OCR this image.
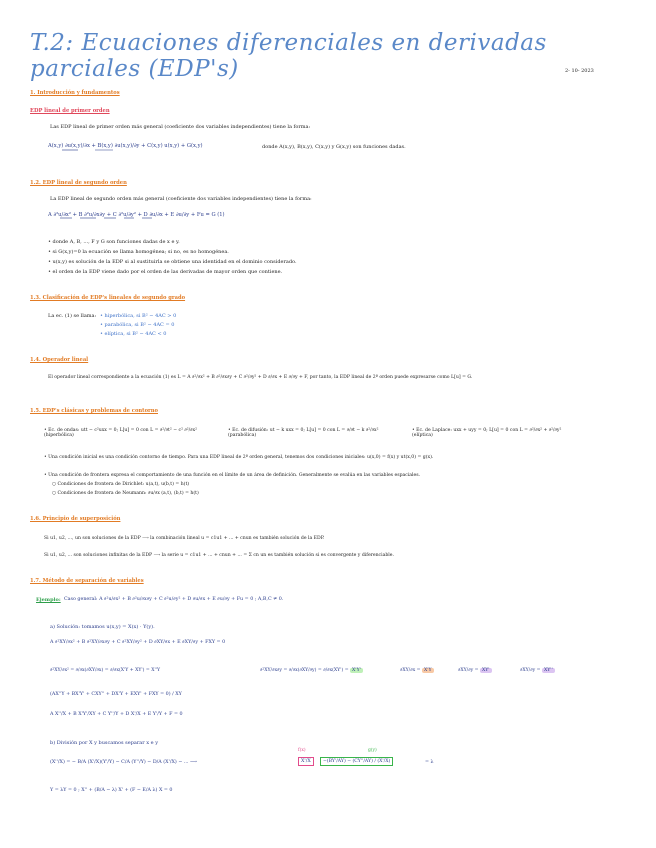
T.2: Ecuaciones diferenciales en derivadas parciales (EDP's)	2- 10- 2023
1. Introducción y fundamentos
EDP lineal de primer orden
Las EDP lineal de primer orden más general (coeficiente dos variables independientes) tiene la forma:
A(x,y) ∂u(x,y)/∂x + B(x,y) ∂u(x,y)/∂y + C(x,y) u(x,y) + G(x,y)	donde A(x,y), B(x,y), C(x,y) y G(x,y) son funciones dadas.
1.2. EDP lineal de segundo orden
La EDP lineal de segundo orden más general (coeficiente dos variables independientes) tiene la forma:
A ∂²u/∂x² + B ∂²u/∂x∂y + C ∂²u/∂y² + D ∂u/∂x + E ∂u/∂y + Fu = G (1)
• donde A, B, ..., F y G son funciones dadas de x e y.
• si G(x,y)=0 la ecuación se llama homogénea; si no, es no homogénea.
• u(x,y) es solución de la EDP si al sustituirla se obtiene una identidad en el dominio considerado.
• el orden de la EDP viene dado por el orden de las derivadas de mayor orden que contiene.
1.3. Clasificación de EDP's lineales de segundo grado
La ec. (1) se llama: • hiperbólica, si B² − 4AC > 0
• parabólica, si B² − 4AC = 0
• elíptica, si B² − 4AC < 0
1.4. Operador lineal
El operador lineal correspondiente a la ecuación (1) es L = A ∂²/∂x² + B ∂²/∂x∂y + C ∂²/∂y² + D ∂/∂x + E ∂/∂y + F, por tanto, la EDP lineal de 2º orden puede expresarse como L[u] = G.
1.5. EDP's clásicas y problemas de contorno
• Ec. de ondas: utt − c²uxx = 0; L[u] = 0 con L = ∂²/∂t² − c² ∂²/∂x² (hiperbólica)
• Ec. de difusión: ut − k uxx = 0; L[u] = 0 con L = ∂/∂t − k ∂²/∂x² (parabólica)
• Ec. de Laplace: uxx + uyy = 0; L[u] = 0 con L = ∂²/∂x² + ∂²/∂y² (elíptica)
• Una condición inicial es una condición contorno de tiempo. Para una EDP lineal de 2º orden general, tenemos dos condiciones iniciales: u(x,0) = f(x) y ut(x,0) = g(x).
• Una condición de frontera expresa el comportamiento de una función en el límite de un área de definición. Generalmente se evalúa en las variables espaciales.
○ Condiciones de frontera de Dirichlet: u(a,t), u(b,t) = h(t)
○ Condiciones de frontera de Neumann: ∂u/∂x (a,t), (b,t) = h(t)
1.6. Principio de superposición
Si u1, u2, ..., un son soluciones de la EDP ⟶ la combinación lineal u = c1u1 + ... + cnun es también solución de la EDP.
Si u1, u2, ... son soluciones infinitas de la EDP ⟶ la serie u = c1u1 + ... + cnun + ... = Σ cn un es también solución si es convergente y diferenciable.
1.7. Método de separación de variables
Ejemplo: Caso general: A ∂²u/∂x² + B ∂²u/∂x∂y + C ∂²u/∂y² + D ∂u/∂x + E ∂u/∂y + Fu = 0 ; A,B,C ≠ 0.
a) Solución: tomamos u(x,y) = X(x) · Y(y).
A ∂²XY/∂x² + B ∂²XY/∂x∂y + C ∂²XY/∂y² + D ∂XY/∂x + E ∂XY/∂y + FXY = 0
∂²XY/∂x² = ∂/∂x(∂XY/∂x) = ∂/∂x(X'Y + XY') = X''Y	∂²XY/∂x∂y = ∂/∂x(∂XY/∂y) = ∂/∂x(XY') = X'Y'	∂XY/∂x = X'Y	∂XY/∂y = XY'	∂XY/∂y = XY''
(AX''Y + BX'Y' + CXY'' + DX'Y + EXY' + FXY = 0) / XY
A X''/X + B X'Y'/XY + C Y''/Y + D X'/X + E Y'/Y + F = 0
b) División por X y buscamos separar x e y
(X''/X) = − B/A (X'/X)(Y'/Y) − C/A (Y''/Y) − D/A (X'/X) − ... ⟶
f(x)
X'/X
g(y)
−(BY'/AY) − (CY''/AY) / (X'/X)	= λ
Y = λY = 0 ; X'' + (B/A − λ) X' + (F − E/A λ) X = 0
